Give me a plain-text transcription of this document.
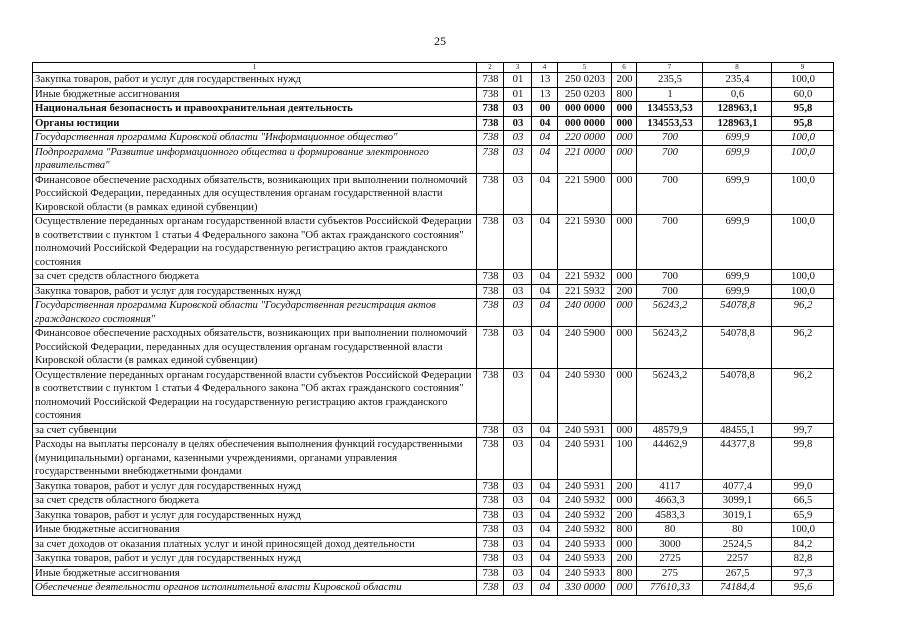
25
1	2	3	4	5	6	7	8	9
Закупка товаров, работ и услуг для государственных нужд	738	01	13	250 0203	200	235,5	235,4	100,0
Иные бюджетные ассигнования	738	01	13	250 0203	800	1	0,6	60,0
Национальная безопасность и правоохранительная деятельность	738	03	00	000 0000	000	134553,53	128963,1	95,8
Органы юстиции	738	03	04	000 0000	000	134553,53	128963,1	95,8
Государственная программа Кировской области "Информационное общество"	738	03	04	220 0000	000	700	699,9	100,0
Подпрограмма "Развитие информационного общества и формирование электронного правительства"	738	03	04	221 0000	000	700	699,9	100,0
Финансовое обеспечение расходных обязательств, возникающих при выполнении полномочий Российской Федерации, переданных для осуществления органам государственной власти Кировской области (в рамках единой субвенции)	738	03	04	221 5900	000	700	699,9	100,0
Осуществление переданных органам государственной власти субъектов Российской Федерации в соответствии с пунктом 1 статьи 4 Федерального закона "Об актах гражданского состояния" полномочий Российской Федерации на государственную регистрацию актов гражданского состояния	738	03	04	221 5930	000	700	699,9	100,0
за счет средств областного бюджета	738	03	04	221 5932	000	700	699,9	100,0
Закупка товаров, работ и услуг для государственных нужд	738	03	04	221 5932	200	700	699,9	100,0
Государственная программа Кировской области "Государственная регистрация актов гражданского состояния"	738	03	04	240 0000	000	56243,2	54078,8	96,2
Финансовое обеспечение расходных обязательств, возникающих при выполнении полномочий Российской Федерации, переданных для осуществления органам государственной власти Кировской области (в рамках единой субвенции)	738	03	04	240 5900	000	56243,2	54078,8	96,2
Осуществление переданных органам государственной власти субъектов Российской Федерации в соответствии с пунктом 1 статьи 4 Федерального закона "Об актах гражданского состояния" полномочий Российской Федерации на государственную регистрацию актов гражданского состояния	738	03	04	240 5930	000	56243,2	54078,8	96,2
за счет субвенции	738	03	04	240 5931	000	48579,9	48455,1	99,7
Расходы на выплаты персоналу в целях обеспечения выполнения функций государственными (муниципальными) органами, казенными учреждениями, органами управления государственными внебюджетными фондами	738	03	04	240 5931	100	44462,9	44377,8	99,8
Закупка товаров, работ и услуг для государственных нужд	738	03	04	240 5931	200	4117	4077,4	99,0
за счет средств областного бюджета	738	03	04	240 5932	000	4663,3	3099,1	66,5
Закупка товаров, работ и услуг для государственных нужд	738	03	04	240 5932	200	4583,3	3019,1	65,9
Иные бюджетные ассигнования	738	03	04	240 5932	800	80	80	100,0
за счет доходов от оказания платных услуг и иной приносящей доход деятельности	738	03	04	240 5933	000	3000	2524,5	84,2
Закупка товаров, работ и услуг для государственных нужд	738	03	04	240 5933	200	2725	2257	82,8
Иные бюджетные ассигнования	738	03	04	240 5933	800	275	267,5	97,3
Обеспечение деятельности органов исполнительной власти Кировской области	738	03	04	330 0000	000	77610,33	74184,4	95,6
